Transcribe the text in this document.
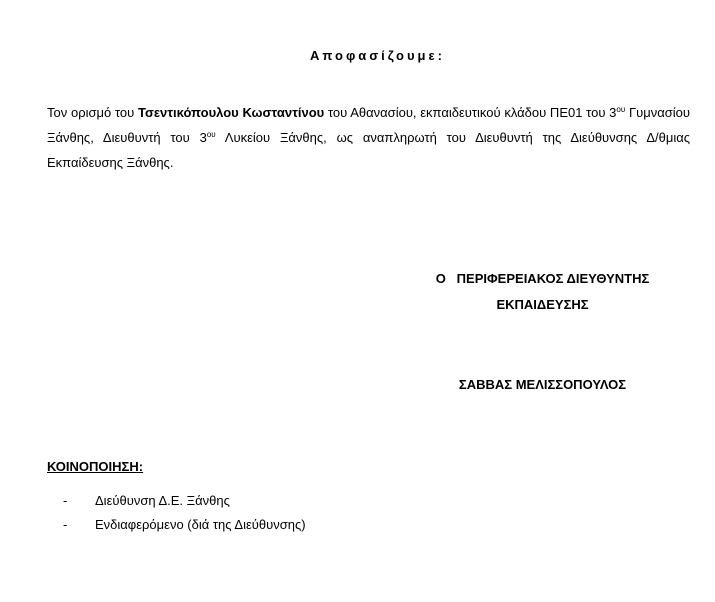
Αποφασίζουμε:
Τον ορισμό του Τσεντικόπουλου Κωσταντίνου του Αθανασίου, εκπαιδευτικού κλάδου ΠΕ01 του $3^{o\upsilon}$ Γυμνασίου Ξάνθης, Διευθυντή του $3^{o\upsilon}$ Λυκείου Ξάνθης, ως αναπληρωτή του Διευθυντή της Διεύθυνσης Δ/θμιας Εκπαίδευσης Ξάνθης.
Ο   ΠΕΡΙΦΕΡΕΙΑΚΟΣ ΔΙΕΥΘΥΝΤΗΣ
ΕΚΠΑΙΔΕΥΣΗΣ
ΣΑΒΒΑΣ ΜΕΛΙΣΣΟΠΟΥΛΟΣ
ΚΟΙΝΟΠΟΙΗΣΗ:
-	Διεύθυνση Δ.Ε. Ξάνθης
-	Ενδιαφερόμενο (διά της Διεύθυνσης)
